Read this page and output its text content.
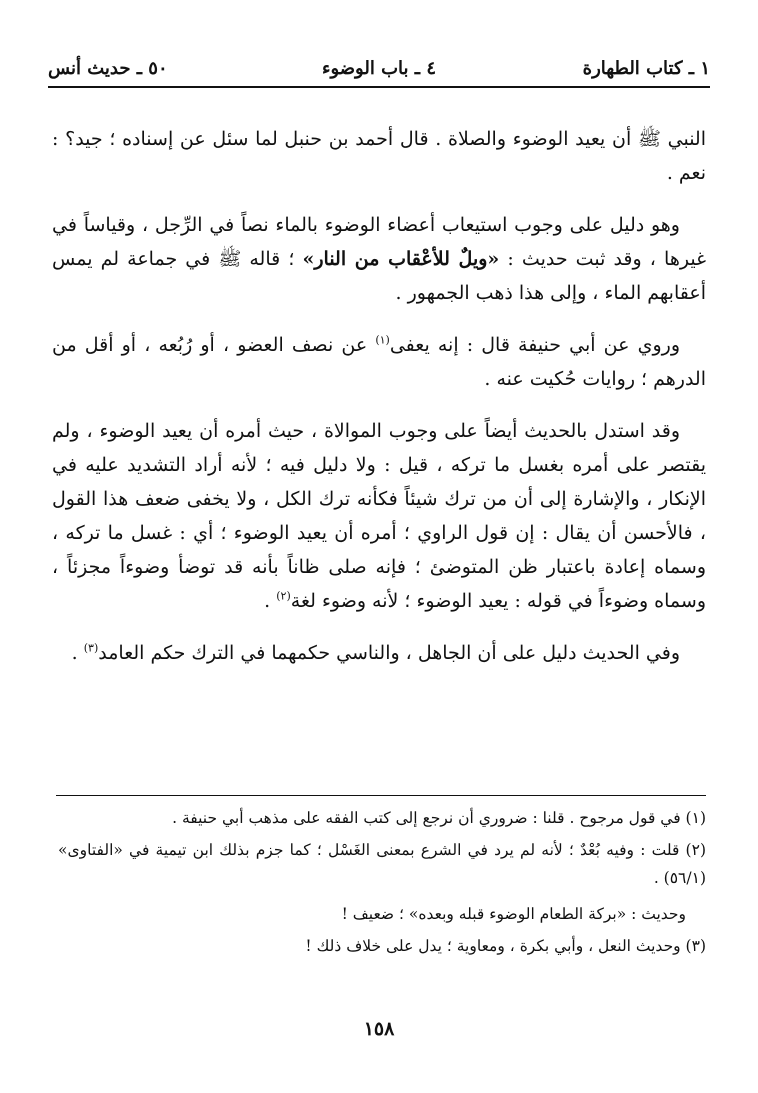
١ ـ كتاب الطهارة
٤ ـ باب الوضوء
٥٠ ـ حديث أنس

النبي ﷺ أن يعيد الوضوء والصلاة . قال أحمد بن حنبل لما سئل عن إسناده ؛ جيد؟ : نعم .

وهو دليل على وجوب استيعاب أعضاء الوضوء بالماء نصاً في الرِّجل ، وقياساً في غيرها ، وقد ثبت حديث : «ويلٌ للأعْقاب من النار» ؛ قاله ﷺ في جماعة لم يمس أعقابهم الماء ، وإلى هذا ذهب الجمهور .

وروي عن أبي حنيفة قال : إنه يعفى$^{(١)}$ عن نصف العضو ، أو رُبُعه ، أو أقل من الدرهم ؛ روايات حُكيت عنه .

وقد استدل بالحديث أيضاً على وجوب الموالاة ، حيث أمره أن يعيد الوضوء ، ولم يقتصر على أمره بغسل ما تركه ، قيل : ولا دليل فيه ؛ لأنه أراد التشديد عليه في الإنكار ، والإشارة إلى أن من ترك شيئاً فكأنه ترك الكل ، ولا يخفى ضعف هذا القول ، فالأحسن أن يقال : إن قول الراوي ؛ أمره أن يعيد الوضوء ؛ أي : غسل ما تركه ، وسماه إعادة باعتبار ظن المتوضئ ؛ فإنه صلى ظاناً بأنه قد توضأ وضوءاً مجزئاً ، وسماه وضوءاً في قوله : يعيد الوضوء ؛ لأنه وضوء لغة$^{(٢)}$ .

وفي الحديث دليل على أن الجاهل ، والناسي حكمهما في الترك حكم العامد$^{(٣)}$ .

(١) في قول مرجوح . قلنا : ضروري أن نرجع إلى كتب الفقه على مذهب أبي حنيفة .

(٢) قلت : وفيه بُعْدٌ ؛ لأنه لم يرد في الشرع بمعنى الغَسْل ؛ كما جزم بذلك ابن تيمية في «الفتاوى» (٥٦/١) .

وحديث : «بركة الطعام الوضوء قبله وبعده» ؛ ضعيف !

(٣) وحديث النعل ، وأبي بكرة ، ومعاوية ؛ يدل على خلاف ذلك !

١٥٨
